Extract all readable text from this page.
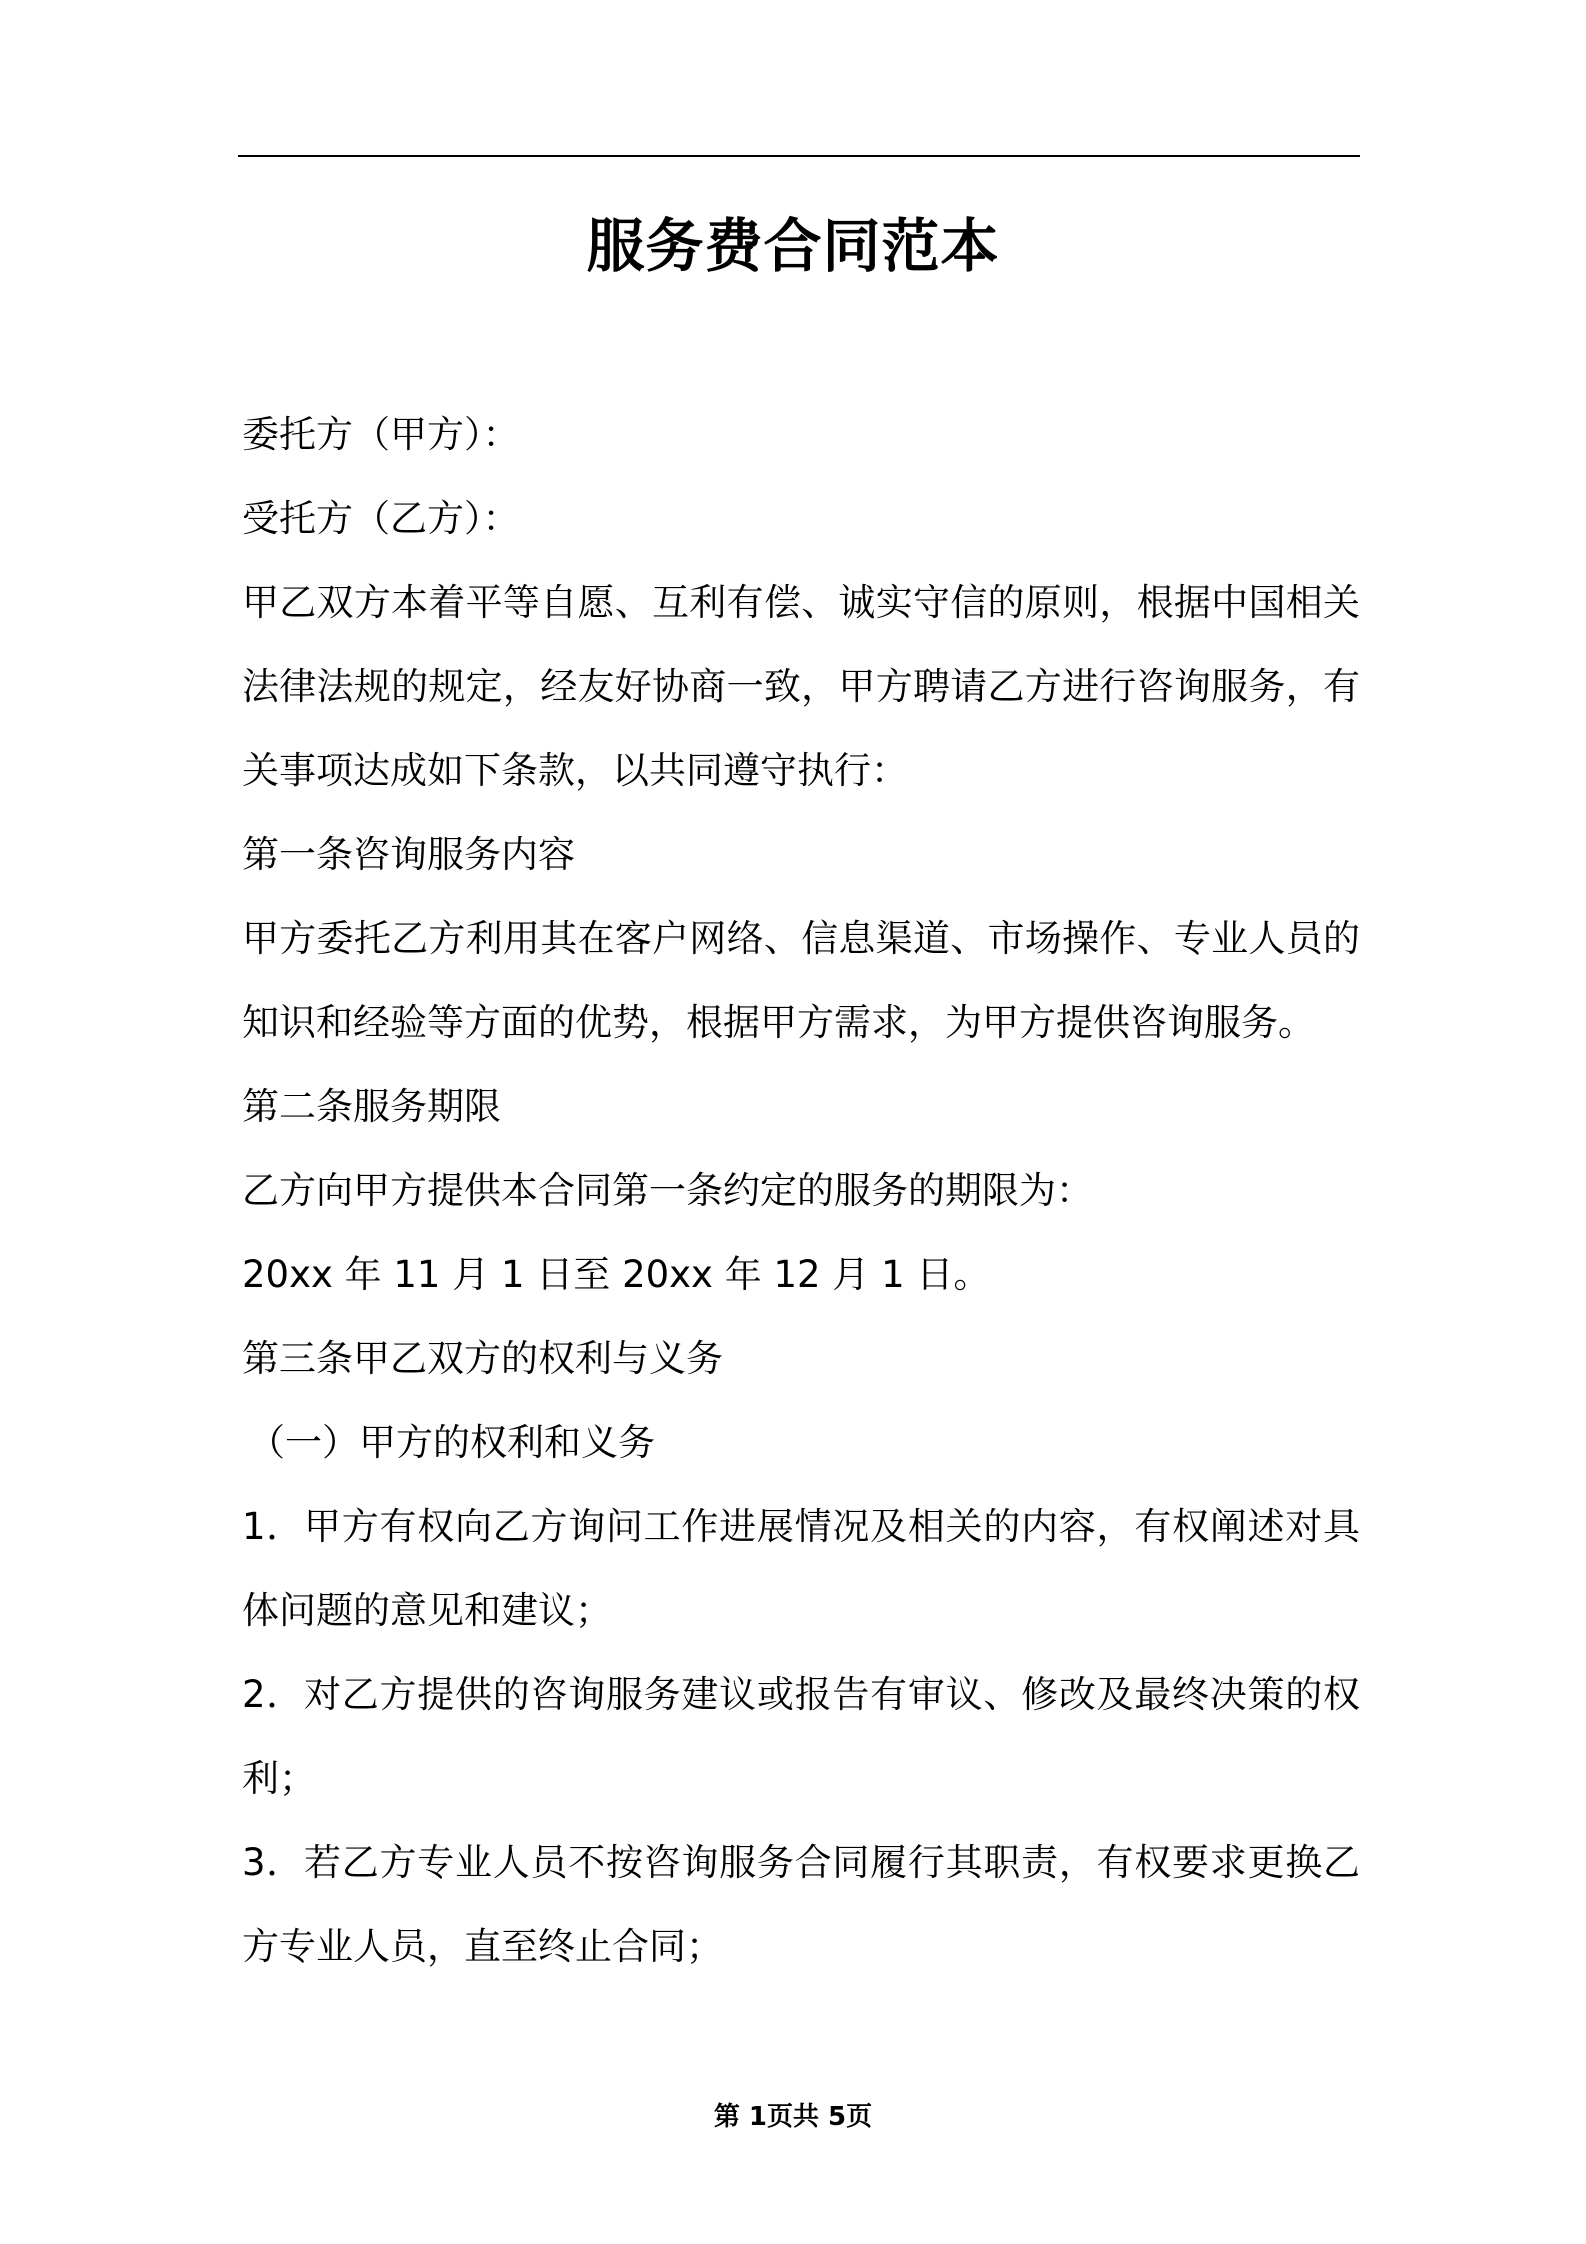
服务费合同范本
委托方（甲方）：
受托方（乙方）：
甲乙双方本着平等自愿、互利有偿、诚实守信的原则，根据中国相关
法律法规的规定，经友好协商一致，甲方聘请乙方进行咨询服务，有
关事项达成如下条款，以共同遵守执行：
第一条咨询服务内容
甲方委托乙方利用其在客户网络、信息渠道、市场操作、专业人员的
知识和经验等方面的优势，根据甲方需求，为甲方提供咨询服务。
第二条服务期限
乙方向甲方提供本合同第一条约定的服务的期限为：
20xx 年 11 月 1 日至 20xx 年 12 月 1 日。
第三条甲乙双方的权利与义务
（一）甲方的权利和义务
1．甲方有权向乙方询问工作进展情况及相关的内容，有权阐述对具
体问题的意见和建议；
2．对乙方提供的咨询服务建议或报告有审议、修改及最终决策的权
利；
3．若乙方专业人员不按咨询服务合同履行其职责，有权要求更换乙
方专业人员，直至终止合同；
第 1页共 5页
